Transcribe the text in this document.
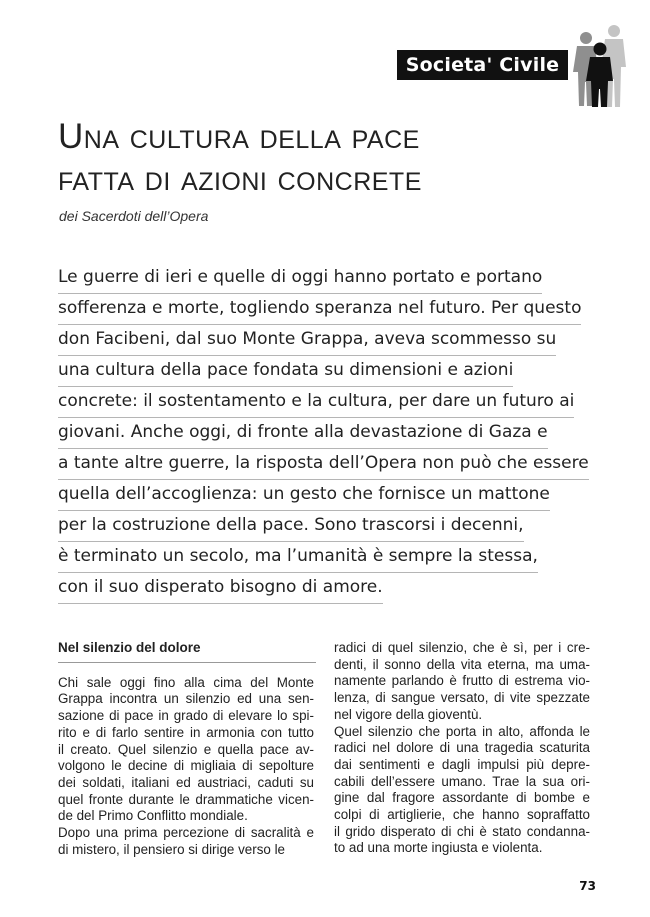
Societa' Civile
Una cultura della pace
fatta di azioni concrete
dei Sacerdoti dell’Opera
Le guerre di ieri e quelle di oggi hanno portato e portano
sofferenza e morte, togliendo speranza nel futuro. Per questo
don Facibeni, dal suo Monte Grappa, aveva scommesso su
una cultura della pace fondata su dimensioni e azioni
concrete: il sostentamento e la cultura, per dare un futuro ai
giovani. Anche oggi, di fronte alla devastazione di Gaza e
a tante altre guerre, la risposta dell’Opera non può che essere
quella dell’accoglienza: un gesto che fornisce un mattone
per la costruzione della pace. Sono trascorsi i decenni,
è terminato un secolo, ma l’umanità è sempre la stessa,
con il suo disperato bisogno di amore.
Nel silenzio del dolore
Chi sale oggi fino alla cima del Monte
Grappa incontra un silenzio ed una sen-
sazione di pace in grado di elevare lo spi-
rito e di farlo sentire in armonia con tutto
il creato. Quel silenzio e quella pace av-
volgono le decine di migliaia di sepolture
dei soldati, italiani ed austriaci, caduti su
quel fronte durante le drammatiche vicen-
de del Primo Conflitto mondiale.
Dopo una prima percezione di sacralità e
di mistero, il pensiero si dirige verso le
radici di quel silenzio, che è sì, per i cre-
denti, il sonno della vita eterna, ma uma-
namente parlando è frutto di estrema vio-
lenza, di sangue versato, di vite spezzate
nel vigore della gioventù.
Quel silenzio che porta in alto, affonda le
radici nel dolore di una tragedia scaturita
dai sentimenti e dagli impulsi più depre-
cabili dell’essere umano. Trae la sua ori-
gine dal fragore assordante di bombe e
colpi di artiglierie, che hanno sopraffatto
il grido disperato di chi è stato condanna-
to ad una morte ingiusta e violenta.
73
